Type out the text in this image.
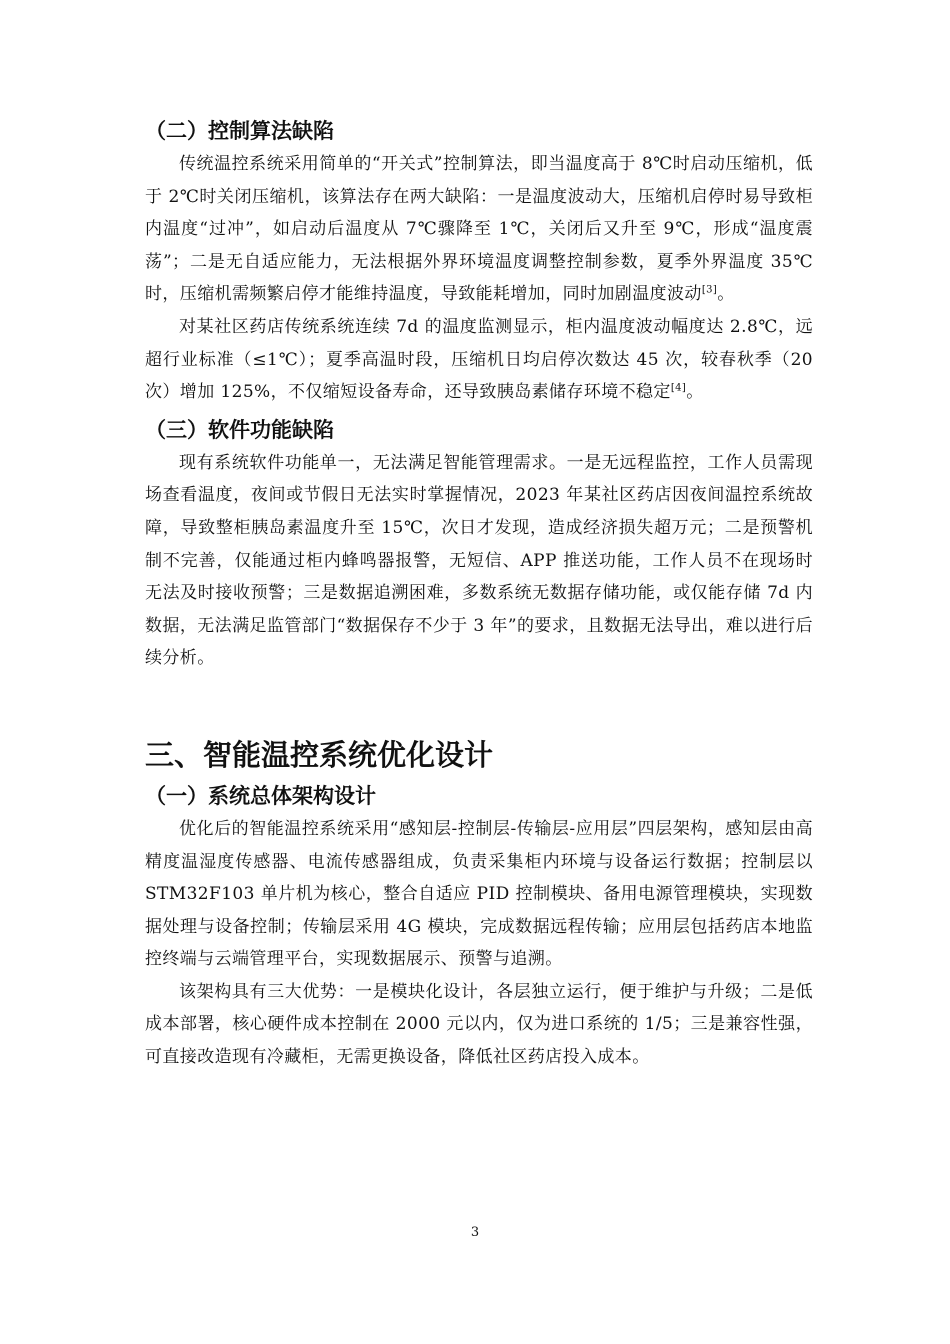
（二）控制算法缺陷

传统温控系统采用简单的“开关式”控制算法，即当温度高于 8℃时启动压缩机，低于 2℃时关闭压缩机，该算法存在两大缺陷：一是温度波动大，压缩机启停时易导致柜内温度“过冲”，如启动后温度从 7℃骤降至 1℃，关闭后又升至 9℃，形成“温度震荡”；二是无自适应能力，无法根据外界环境温度调整控制参数，夏季外界温度 35℃时，压缩机需频繁启停才能维持温度，导致能耗增加，同时加剧温度波动[3]。

对某社区药店传统系统连续 7d 的温度监测显示，柜内温度波动幅度达 2.8℃，远超行业标准（≤1℃）；夏季高温时段，压缩机日均启停次数达 45 次，较春秋季（20 次）增加 125%，不仅缩短设备寿命，还导致胰岛素储存环境不稳定[4]。

（三）软件功能缺陷

现有系统软件功能单一，无法满足智能管理需求。一是无远程监控，工作人员需现场查看温度，夜间或节假日无法实时掌握情况，2023 年某社区药店因夜间温控系统故障，导致整柜胰岛素温度升至 15℃，次日才发现，造成经济损失超万元；二是预警机制不完善，仅能通过柜内蜂鸣器报警，无短信、APP 推送功能，工作人员不在现场时无法及时接收预警；三是数据追溯困难，多数系统无数据存储功能，或仅能存储 7d 内数据，无法满足监管部门“数据保存不少于 3 年”的要求，且数据无法导出，难以进行后续分析。

三、智能温控系统优化设计
（一）系统总体架构设计

优化后的智能温控系统采用“感知层-控制层-传输层-应用层”四层架构，感知层由高精度温湿度传感器、电流传感器组成，负责采集柜内环境与设备运行数据；控制层以 STM32F103 单片机为核心，整合自适应 PID 控制模块、备用电源管理模块，实现数据处理与设备控制；传输层采用 4G 模块，完成数据远程传输；应用层包括药店本地监控终端与云端管理平台，实现数据展示、预警与追溯。

该架构具有三大优势：一是模块化设计，各层独立运行，便于维护与升级；二是低成本部署，核心硬件成本控制在 2000 元以内，仅为进口系统的 1/5；三是兼容性强，可直接改造现有冷藏柜，无需更换设备，降低社区药店投入成本。

3
